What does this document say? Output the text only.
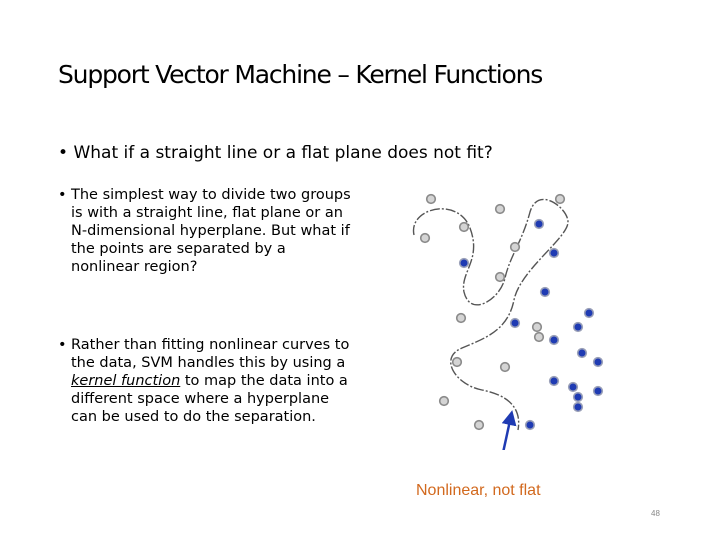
Support Vector Machine – Kernel Functions
• What if a straight line or a flat plane does not fit?
• The simplest way to divide two groups is with a straight line, flat plane or an N-dimensional hyperplane. But what if the points are separated by a nonlinear region?
• Rather than fitting nonlinear curves to the data, SVM handles this by using a kernel function to map the data into a different space where a hyperplane can be used to do the separation.
Nonlinear, not flat
48
